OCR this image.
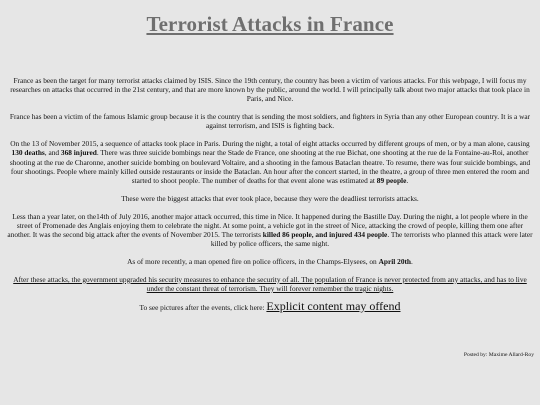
Terrorist Attacks in France

France as been the target for many terrorist attacks claimed by ISIS. Since the 19th century, the country has been a victim of various attacks. For this webpage, I will focus my researches on attacks that occurred in the 21st century, and that are more known by the public, around the world. I will principally talk about two major attacks that took place in Paris, and Nice.

France has been a victim of the famous Islamic group because it is the country that is sending the most soldiers, and fighters in Syria than any other European country. It is a war against terrorism, and ISIS is fighting back.

On the 13 of November 2015, a sequence of attacks took place in Paris. During the night, a total of eight attacks occurred by different groups of men, or by a man alone, causing 130 deaths, and 368 injured. There was three suicide bombings near the Stade de France, one shooting at the rue Bichat, one shooting at the rue de la Fontaine-au-Roi, another shooting at the rue de Charonne, another suicide bombing on boulevard Voltaire, and a shooting in the famous Bataclan theatre. To resume, there was four suicide bombings, and four shootings. People where mainly killed outside restaurants or inside the Bataclan. An hour after the concert started, in the theatre, a group of three men entered the room and started to shoot people. The number of deaths for that event alone was estimated at 89 people.

These were the biggest attacks that ever took place, because they were the deadliest terrorists attacks.

Less than a year later, on the14th of July 2016, another major attack occurred, this time in Nice. It happened during the Bastille Day. During the night, a lot people where in the street of Promenade des Anglais enjoying them to celebrate the night. At some point, a vehicle got in the street of Nice, attacking the crowd of people, killing them one after another. It was the second big attack after the events of November 2015. The terrorists killed 86 people, and injured 434 people. The terrorists who planned this attack were later killed by police officers, the same night.

As of more recently, a man opened fire on police officers, in the Champs-Elysees, on April 20th.

After these attacks, the government upgraded his security measures to enhance the security of all. The population of France is never protected from any attacks, and has to live under the constant threat of terrorism. They will forever remember the tragic nights.

To see pictures after the events, click here: Explicit content may offend

Posted by: Maxime Allard-Roy
